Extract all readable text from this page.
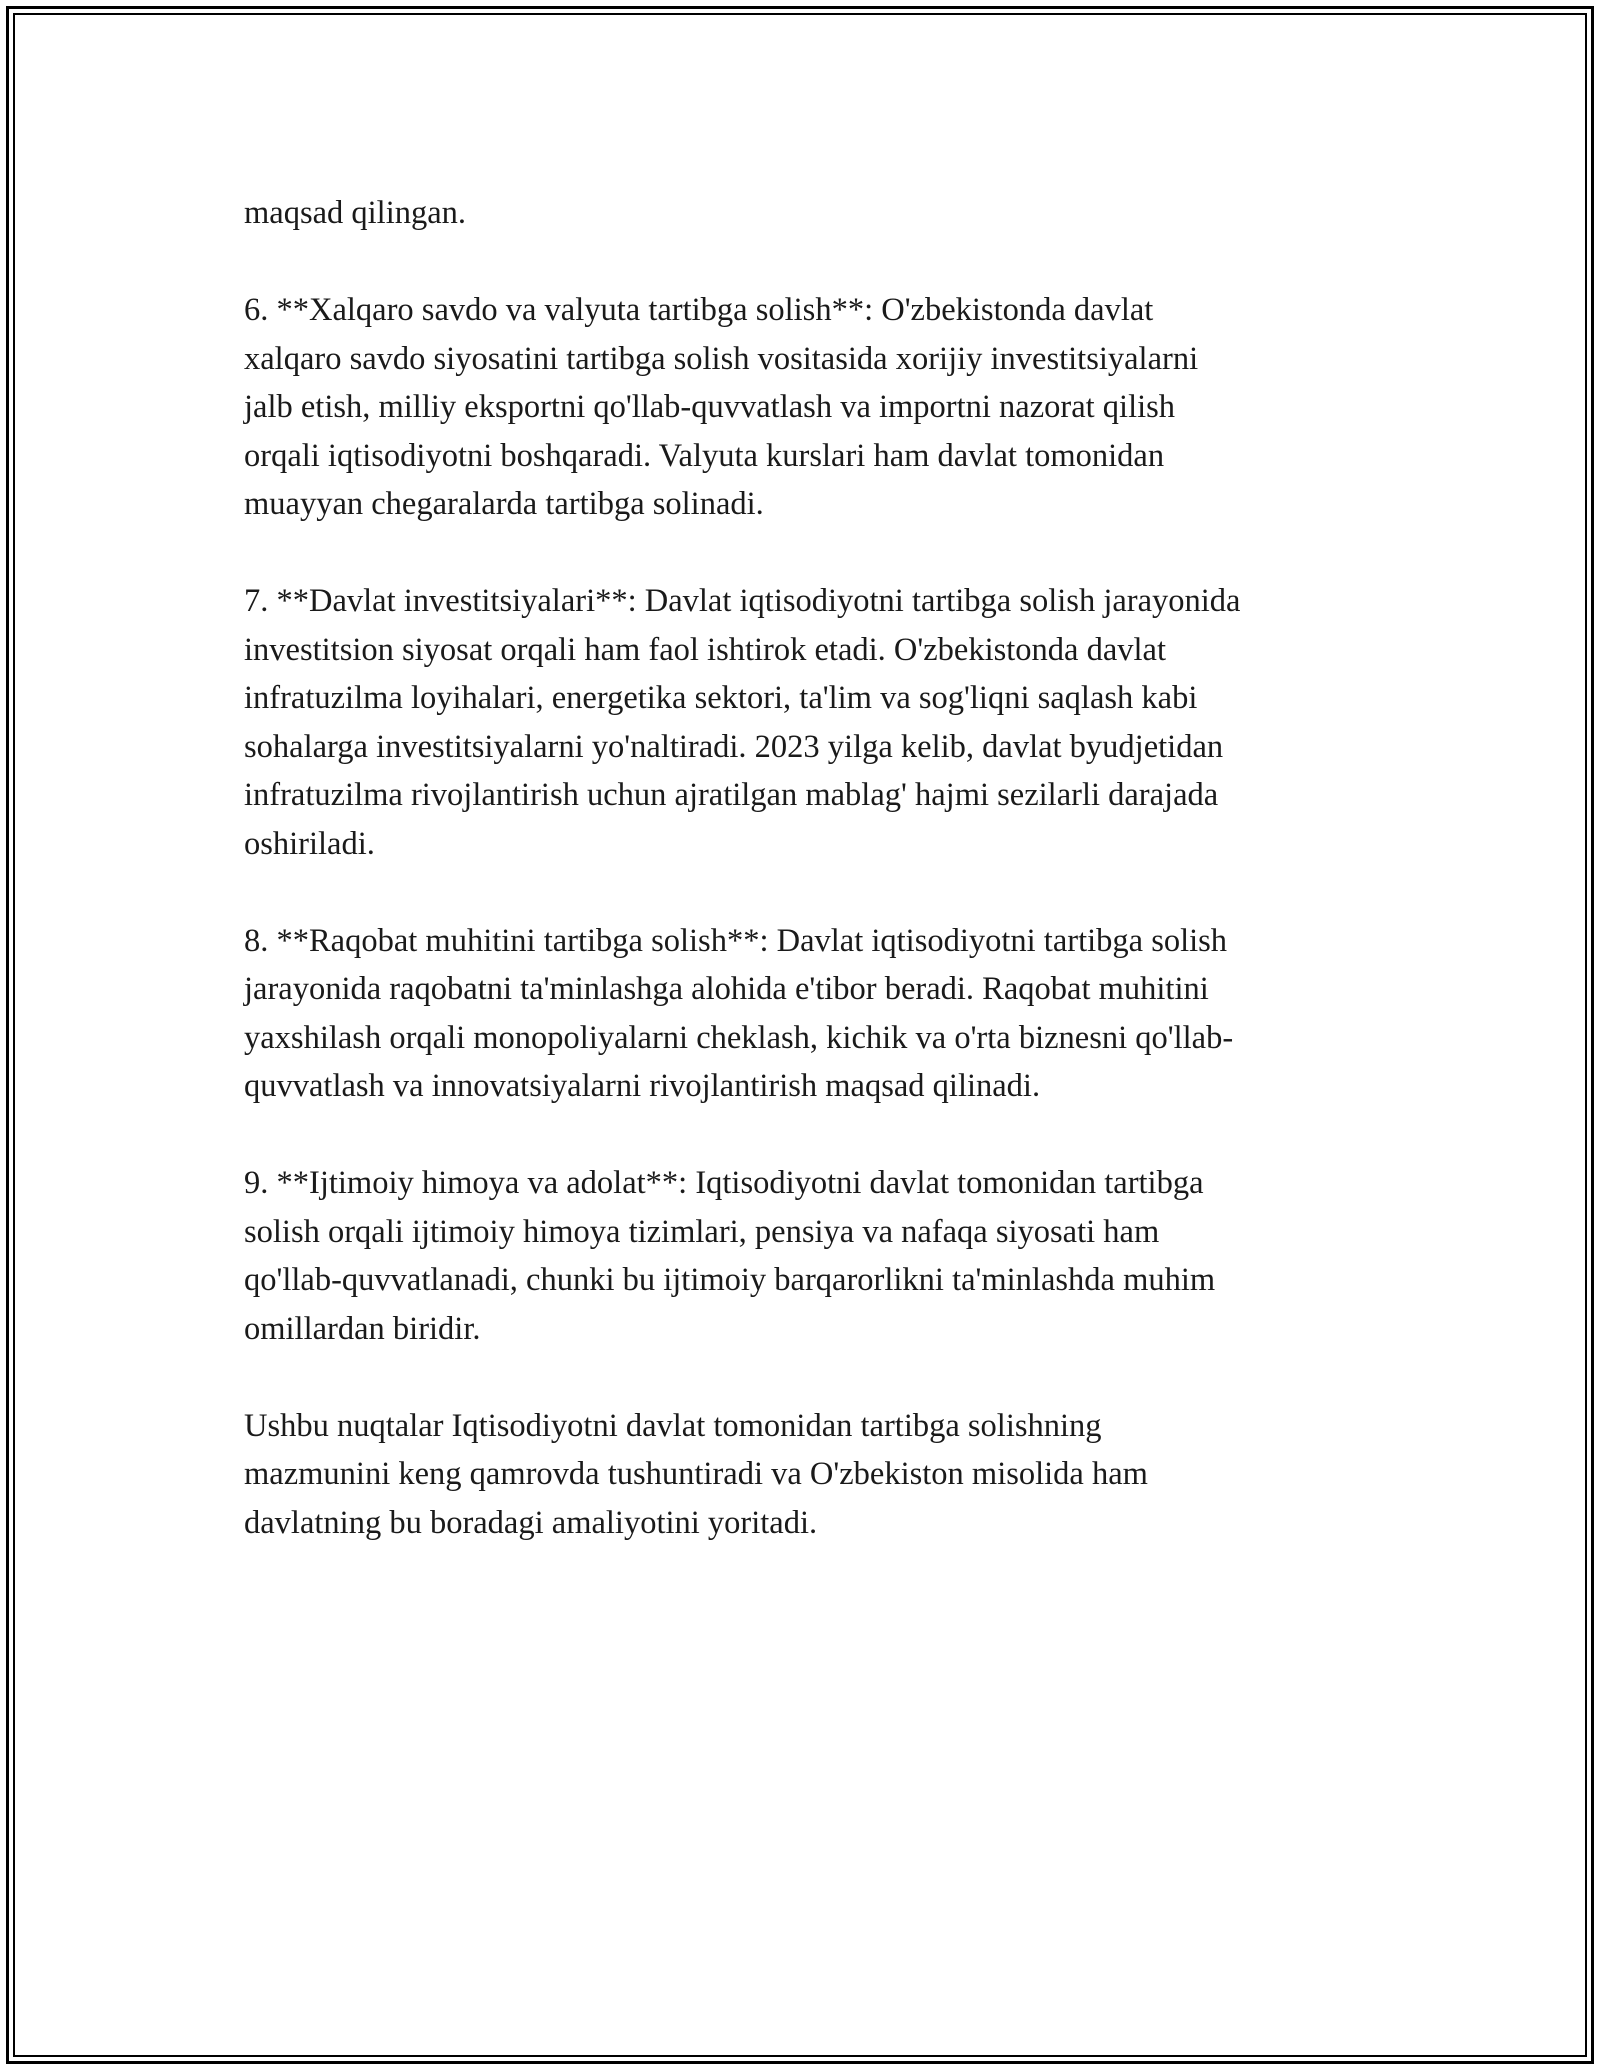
maqsad qilingan.

6. **Xalqaro savdo va valyuta tartibga solish**: O'zbekistonda davlat
xalqaro savdo siyosatini tartibga solish vositasida xorijiy investitsiyalarni
jalb etish, milliy eksportni qo'llab-quvvatlash va importni nazorat qilish
orqali iqtisodiyotni boshqaradi. Valyuta kurslari ham davlat tomonidan
muayyan chegaralarda tartibga solinadi.

7. **Davlat investitsiyalari**: Davlat iqtisodiyotni tartibga solish jarayonida
investitsion siyosat orqali ham faol ishtirok etadi. O'zbekistonda davlat
infratuzilma loyihalari, energetika sektori, ta'lim va sog'liqni saqlash kabi
sohalarga investitsiyalarni yo'naltiradi. 2023 yilga kelib, davlat byudjetidan
infratuzilma rivojlantirish uchun ajratilgan mablag' hajmi sezilarli darajada
oshiriladi.

8. **Raqobat muhitini tartibga solish**: Davlat iqtisodiyotni tartibga solish
jarayonida raqobatni ta'minlashga alohida e'tibor beradi. Raqobat muhitini
yaxshilash orqali monopoliyalarni cheklash, kichik va o'rta biznesni qo'llab-
quvvatlash va innovatsiyalarni rivojlantirish maqsad qilinadi.

9. **Ijtimoiy himoya va adolat**: Iqtisodiyotni davlat tomonidan tartibga
solish orqali ijtimoiy himoya tizimlari, pensiya va nafaqa siyosati ham
qo'llab-quvvatlanadi, chunki bu ijtimoiy barqarorlikni ta'minlashda muhim
omillardan biridir.

Ushbu nuqtalar Iqtisodiyotni davlat tomonidan tartibga solishning
mazmunini keng qamrovda tushuntiradi va O'zbekiston misolida ham
davlatning bu boradagi amaliyotini yoritadi.
